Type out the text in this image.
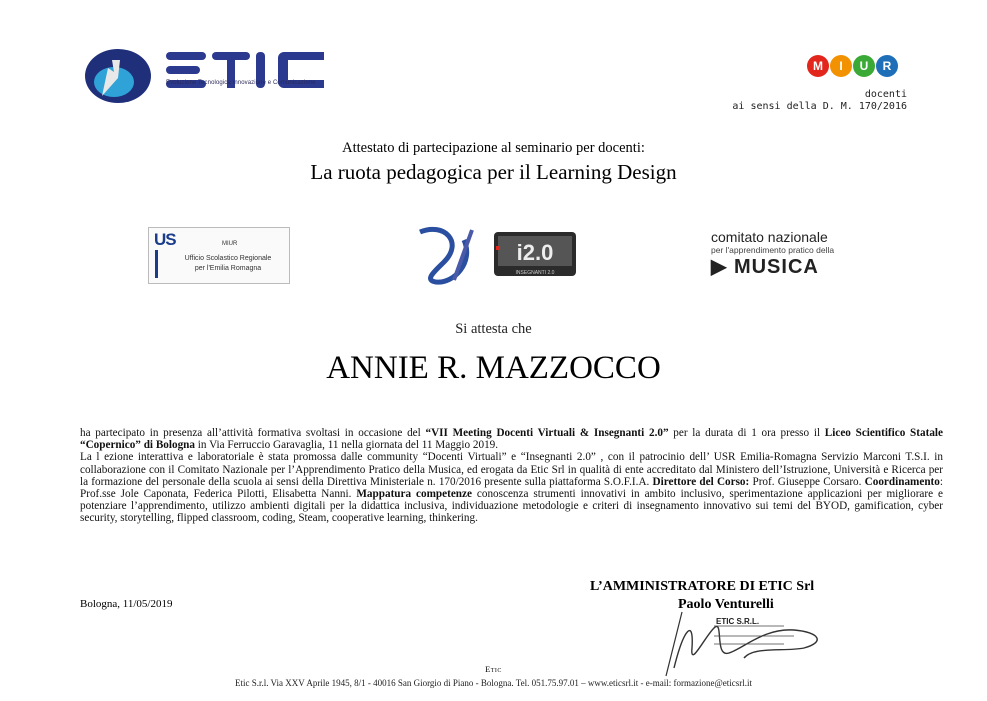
Evoluzione Tecnologica Innovazione e Comunicazione
M I U R
docenti
ai sensi della D. M. 170/2016
Attestato di partecipazione al seminario per docenti:
La ruota pedagogica per il Learning Design
US	MIUR
Ufficio Scolastico Regionale
per l'Emilia Romagna
i2.0
INSEGNANTI 2.0
comitato nazionale
per l'apprendimento pratico della
▶ MUSICA
Si attesta che
ANNIE R. MAZZOCCO
ha partecipato in presenza all’attività formativa svoltasi in occasione del “VII Meeting Docenti Virtuali & Insegnanti 2.0” per la durata di 1 ora presso il Liceo Scientifico Statale “Copernico” di Bologna in Via Ferruccio Garavaglia, 11 nella giornata del 11 Maggio 2019.
La l ezione interattiva e laboratoriale è stata promossa dalle community “Docenti Virtuali” e “Insegnanti 2.0” , con il patrocinio dell’ USR Emilia-Romagna Servizio Marconi T.S.I. in collaborazione con il Comitato Nazionale per l’Apprendimento Pratico della Musica, ed erogata da Etic Srl in qualità di ente accreditato dal Ministero dell’Istruzione, Università e Ricerca per la formazione del personale della scuola ai sensi della Direttiva Ministeriale n. 170/2016 presente sulla piattaforma S.O.F.I.A. Direttore del Corso: Prof. Giuseppe Corsaro. Coordinamento: Prof.sse Jole Caponata, Federica Pilotti, Elisabetta Nanni. Mappatura competenze conoscenza strumenti innovativi in ambito inclusivo, sperimentazione applicazioni per migliorare e potenziare l’apprendimento, utilizzo ambienti digitali per la didattica inclusiva, individuazione metodologie e criteri di insegnamento innovativo sui temi del BYOD, gamification, cyber security, storytelling, flipped classroom, coding, Steam, cooperative learning, thinkering.
Bologna, 11/05/2019
L’AMMINISTRATORE DI ETIC Srl
Paolo Venturelli
ETIC S.R.L.
Etic
Etic S.r.l. Via XXV Aprile 1945, 8/1 - 40016 San Giorgio di Piano - Bologna. Tel. 051.75.97.01 – www.eticsrl.it - e-mail: formazione@eticsrl.it
